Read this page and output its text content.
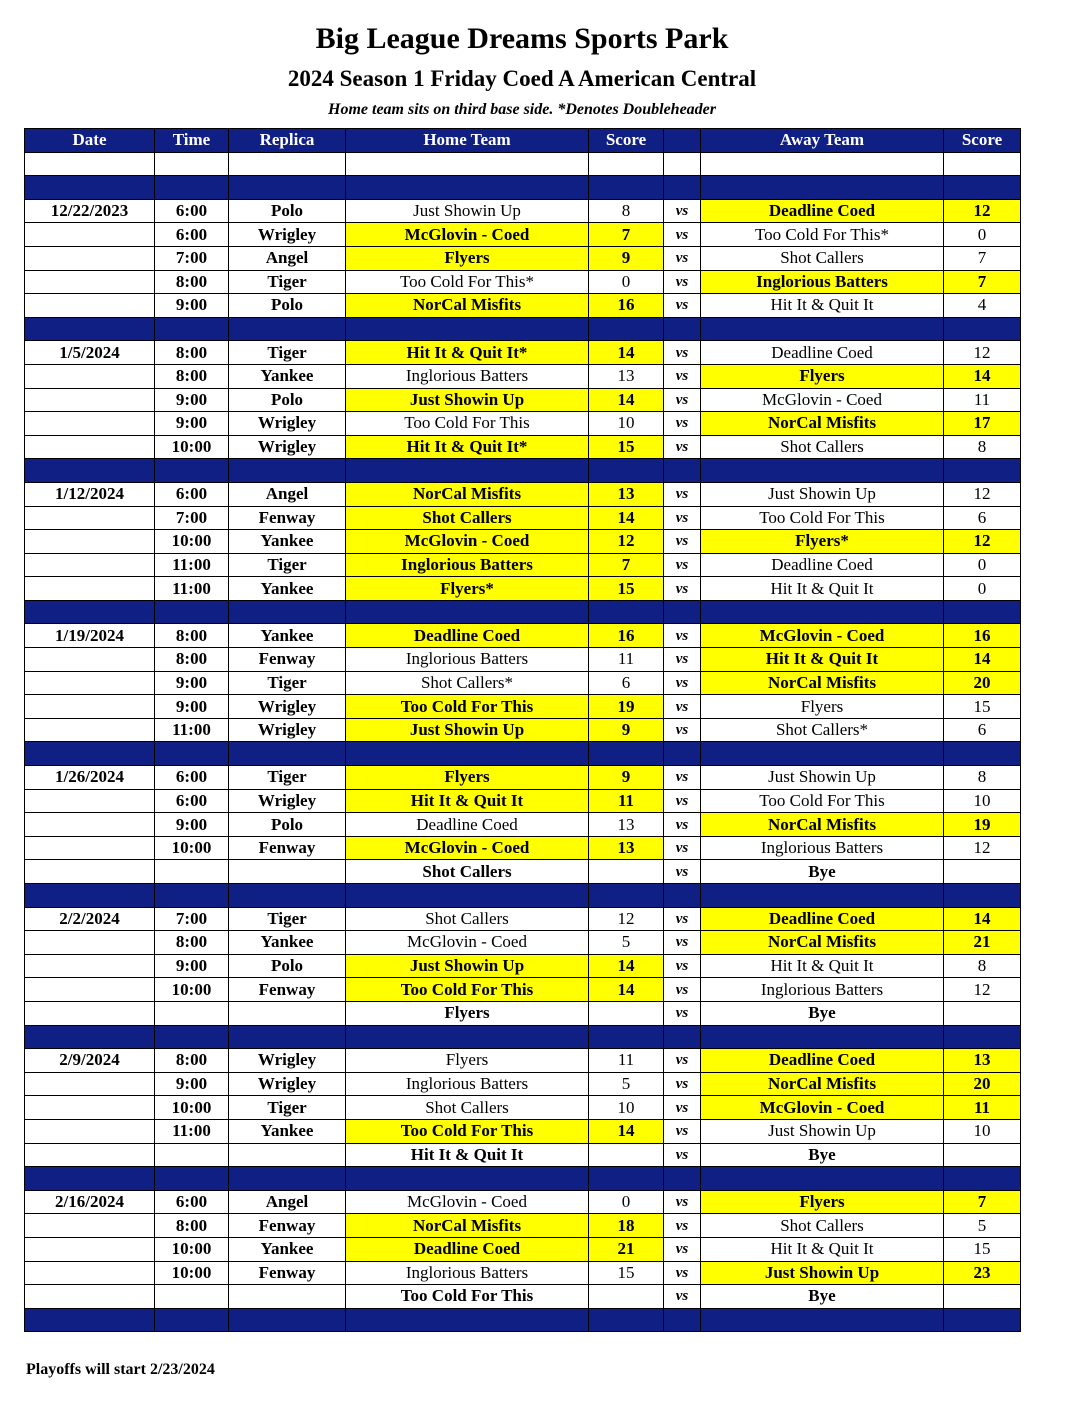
Big League Dreams Sports Park
2024 Season 1 Friday Coed A American Central
Home team sits on third base side. *Denotes Doubleheader
Date	Time	Replica	Home Team	Score		Away Team	Score

12/22/2023	6:00	Polo	Just Showin Up	8	vs	Deadline Coed	12
	6:00	Wrigley	McGlovin - Coed	7	vs	Too Cold For This*	0
	7:00	Angel	Flyers	9	vs	Shot Callers	7
	8:00	Tiger	Too Cold For This*	0	vs	Inglorious Batters	7
	9:00	Polo	NorCal Misfits	16	vs	Hit It & Quit It	4

1/5/2024	8:00	Tiger	Hit It & Quit It*	14	vs	Deadline Coed	12
	8:00	Yankee	Inglorious Batters	13	vs	Flyers	14
	9:00	Polo	Just Showin Up	14	vs	McGlovin - Coed	11
	9:00	Wrigley	Too Cold For This	10	vs	NorCal Misfits	17
	10:00	Wrigley	Hit It & Quit It*	15	vs	Shot Callers	8

1/12/2024	6:00	Angel	NorCal Misfits	13	vs	Just Showin Up	12
	7:00	Fenway	Shot Callers	14	vs	Too Cold For This	6
	10:00	Yankee	McGlovin - Coed	12	vs	Flyers*	12
	11:00	Tiger	Inglorious Batters	7	vs	Deadline Coed	0
	11:00	Yankee	Flyers*	15	vs	Hit It & Quit It	0

1/19/2024	8:00	Yankee	Deadline Coed	16	vs	McGlovin - Coed	16
	8:00	Fenway	Inglorious Batters	11	vs	Hit It & Quit It	14
	9:00	Tiger	Shot Callers*	6	vs	NorCal Misfits	20
	9:00	Wrigley	Too Cold For This	19	vs	Flyers	15
	11:00	Wrigley	Just Showin Up	9	vs	Shot Callers*	6

1/26/2024	6:00	Tiger	Flyers	9	vs	Just Showin Up	8
	6:00	Wrigley	Hit It & Quit It	11	vs	Too Cold For This	10
	9:00	Polo	Deadline Coed	13	vs	NorCal Misfits	19
	10:00	Fenway	McGlovin - Coed	13	vs	Inglorious Batters	12
			Shot Callers		vs	Bye	

2/2/2024	7:00	Tiger	Shot Callers	12	vs	Deadline Coed	14
	8:00	Yankee	McGlovin - Coed	5	vs	NorCal Misfits	21
	9:00	Polo	Just Showin Up	14	vs	Hit It & Quit It	8
	10:00	Fenway	Too Cold For This	14	vs	Inglorious Batters	12
			Flyers		vs	Bye	

2/9/2024	8:00	Wrigley	Flyers	11	vs	Deadline Coed	13
	9:00	Wrigley	Inglorious Batters	5	vs	NorCal Misfits	20
	10:00	Tiger	Shot Callers	10	vs	McGlovin - Coed	11
	11:00	Yankee	Too Cold For This	14	vs	Just Showin Up	10
			Hit It & Quit It		vs	Bye	

2/16/2024	6:00	Angel	McGlovin - Coed	0	vs	Flyers	7
	8:00	Fenway	NorCal Misfits	18	vs	Shot Callers	5
	10:00	Yankee	Deadline Coed	21	vs	Hit It & Quit It	15
	10:00	Fenway	Inglorious Batters	15	vs	Just Showin Up	23
			Too Cold For This		vs	Bye	

Playoffs will start 2/23/2024
